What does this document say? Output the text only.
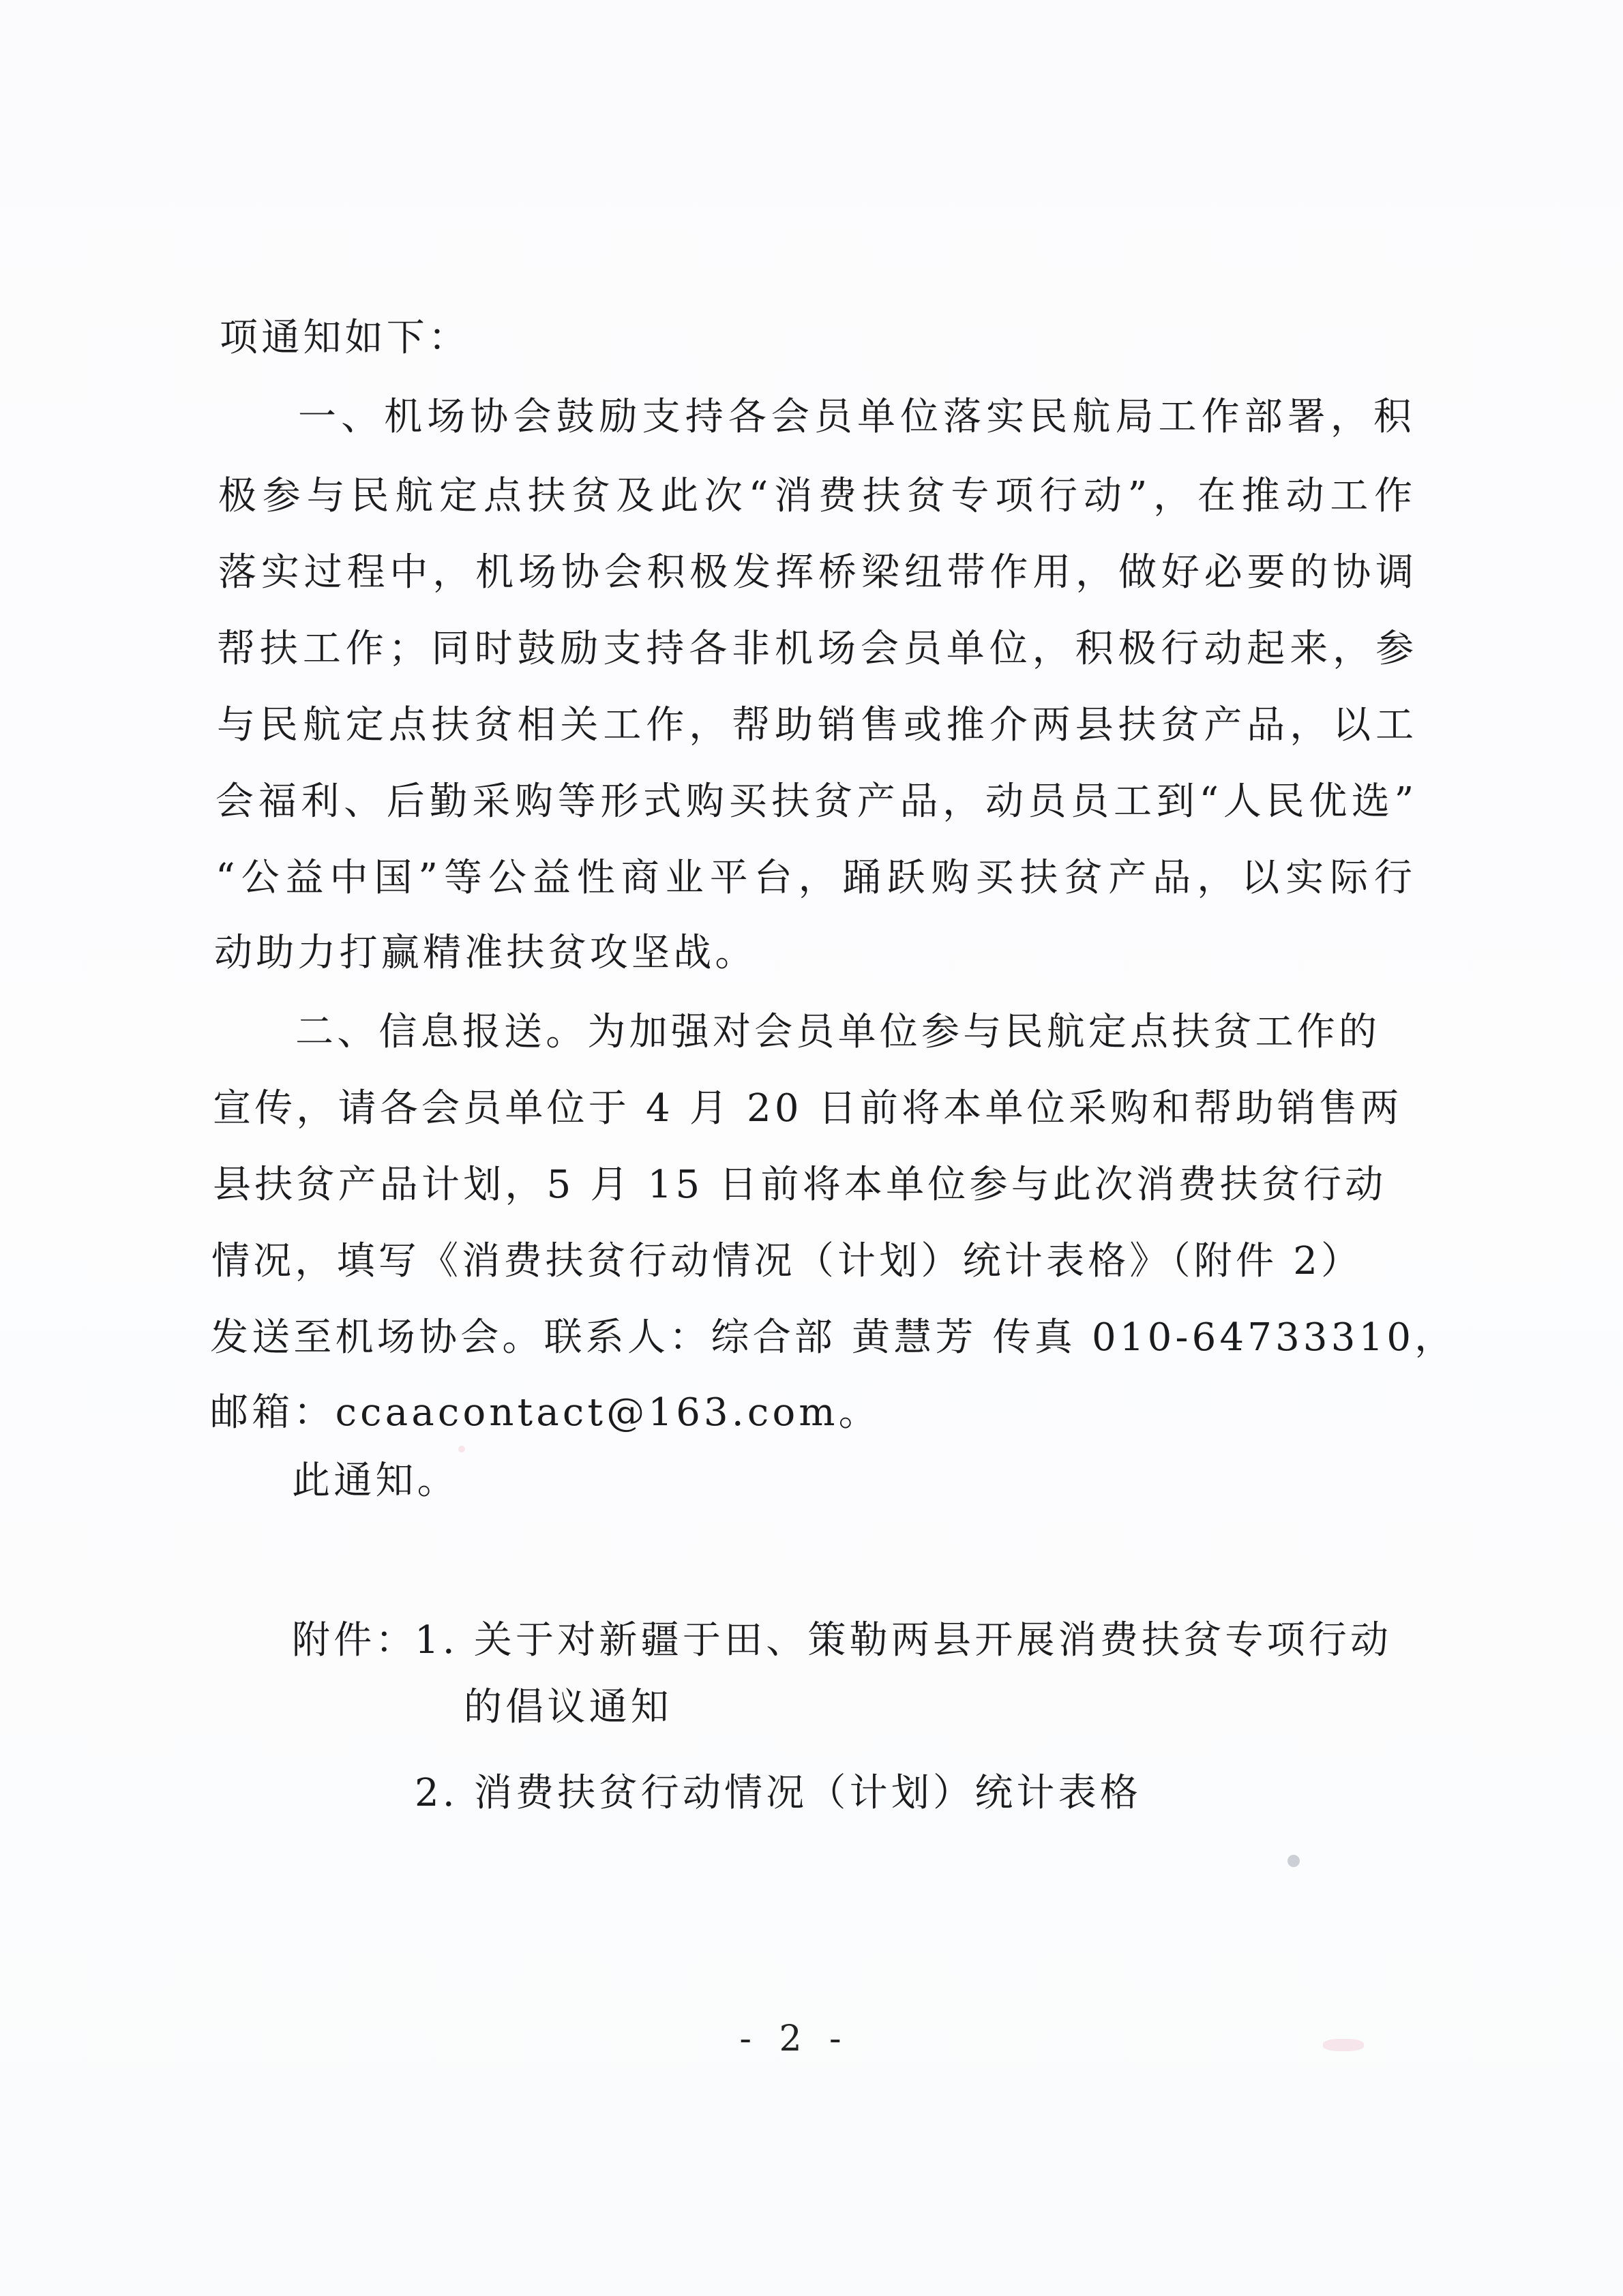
项通知如下：

一、机场协会鼓励支持各会员单位落实民航局工作部署，积

极参与民航定点扶贫及此次“消费扶贫专项行动”，在推动工作

落实过程中，机场协会积极发挥桥梁纽带作用，做好必要的协调

帮扶工作；同时鼓励支持各非机场会员单位，积极行动起来，参

与民航定点扶贫相关工作，帮助销售或推介两县扶贫产品，以工

会福利、后勤采购等形式购买扶贫产品，动员员工到“人民优选”

“公益中国”等公益性商业平台，踊跃购买扶贫产品，以实际行

动助力打赢精准扶贫攻坚战。

二、信息报送。为加强对会员单位参与民航定点扶贫工作的

宣传，请各会员单位于 4 月 20 日前将本单位采购和帮助销售两

县扶贫产品计划，5 月 15 日前将本单位参与此次消费扶贫行动

情况，填写《消费扶贫行动情况（计划）统计表格》（附件 2）

发送至机场协会。联系人：综合部 黄慧芳 传真 010-64733310，

邮箱：ccaacontact@163.com。

此通知。

附件：

1. 关于对新疆于田、策勒两县开展消费扶贫专项行动

的倡议通知

2. 消费扶贫行动情况（计划）统计表格

- 2 -
